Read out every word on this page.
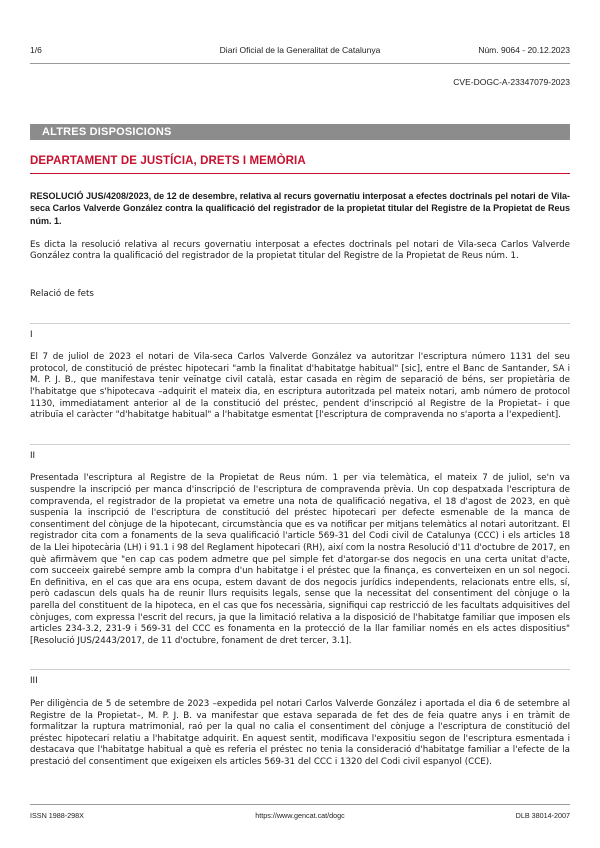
1/6	Diari Oficial de la Generalitat de Catalunya	Núm. 9064 - 20.12.2023
CVE-DOGC-A-23347079-2023
ALTRES DISPOSICIONS
DEPARTAMENT DE JUSTÍCIA, DRETS I MEMÒRIA

RESOLUCIÓ JUS/4208/2023, de 12 de desembre, relativa al recurs governatiu interposat a efectes doctrinals pel notari de Vila-seca Carlos Valverde González contra la qualificació del registrador de la propietat titular del Registre de la Propietat de Reus núm. 1.

Es dicta la resolució relativa al recurs governatiu interposat a efectes doctrinals pel notari de Vila-seca Carlos Valverde González contra la qualificació del registrador de la propietat titular del Registre de la Propietat de Reus núm. 1.

Relació de fets

I

El 7 de juliol de 2023 el notari de Vila-seca Carlos Valverde González va autoritzar l'escriptura número 1131 del seu protocol, de constitució de préstec hipotecari "amb la finalitat d'habitatge habitual" [sic], entre el Banc de Santander, SA i M. P. J. B., que manifestava tenir veïnatge civil català, estar casada en règim de separació de béns, ser propietària de l'habitatge que s'hipotecava –adquirit el mateix dia, en escriptura autoritzada pel mateix notari, amb número de protocol 1130, immediatament anterior al de la constitució del préstec, pendent d'inscripció al Registre de la Propietat– i que atribuïa el caràcter "d'habitatge habitual" a l'habitatge esmentat [l'escriptura de compravenda no s'aporta a l'expedient].

II

Presentada l'escriptura al Registre de la Propietat de Reus núm. 1 per via telemàtica, el mateix 7 de juliol, se'n va suspendre la inscripció per manca d'inscripció de l'escriptura de compravenda prèvia. Un cop despatxada l'escriptura de compravenda, el registrador de la propietat va emetre una nota de qualificació negativa, el 18 d'agost de 2023, en què suspenia la inscripció de l'escriptura de constitució del préstec hipotecari per defecte esmenable de la manca de consentiment del cònjuge de la hipotecant, circumstància que es va notificar per mitjans telemàtics al notari autoritzant. El registrador cita com a fonaments de la seva qualificació l'article 569-31 del Codi civil de Catalunya (CCC) i els articles 18 de la Llei hipotecària (LH) i 91.1 i 98 del Reglament hipotecari (RH), així com la nostra Resolució d'11 d'octubre de 2017, en què afirmàvem que "en cap cas podem admetre que pel simple fet d'atorgar-se dos negocis en una certa unitat d'acte, com succeeix gairebé sempre amb la compra d'un habitatge i el préstec que la finança, es converteixen en un sol negoci. En definitiva, en el cas que ara ens ocupa, estem davant de dos negocis jurídics independents, relacionats entre ells, sí, però cadascun dels quals ha de reunir llurs requisits legals, sense que la necessitat del consentiment del cònjuge o la parella del constituent de la hipoteca, en el cas que fos necessària, signifiqui cap restricció de les facultats adquisitives del cònjuges, com expressa l'escrit del recurs, ja que la limitació relativa a la disposició de l'habitatge familiar que imposen els articles 234-3.2, 231-9 i 569-31 del CCC es fonamenta en la protecció de la llar familiar només en els actes dispositius" [Resolució JUS/2443/2017, de 11 d'octubre, fonament de dret tercer, 3.1].

III

Per diligència de 5 de setembre de 2023 –expedida pel notari Carlos Valverde González i aportada el dia 6 de setembre al Registre de la Propietat–, M. P. J. B. va manifestar que estava separada de fet des de feia quatre anys i en tràmit de formalitzar la ruptura matrimonial, raó per la qual no calia el consentiment del cònjuge a l'escriptura de constitució del préstec hipotecari relatiu a l'habitatge adquirit. En aquest sentit, modificava l'expositiu segon de l'escriptura esmentada i destacava que l'habitatge habitual a què es referia el préstec no tenia la consideració d'habitatge familiar a l'efecte de la prestació del consentiment que exigeixen els articles 569-31 del CCC i 1320 del Codi civil espanyol (CCE).

ISSN 1988-298X	https://www.gencat.cat/dogc	DLB 38014-2007
